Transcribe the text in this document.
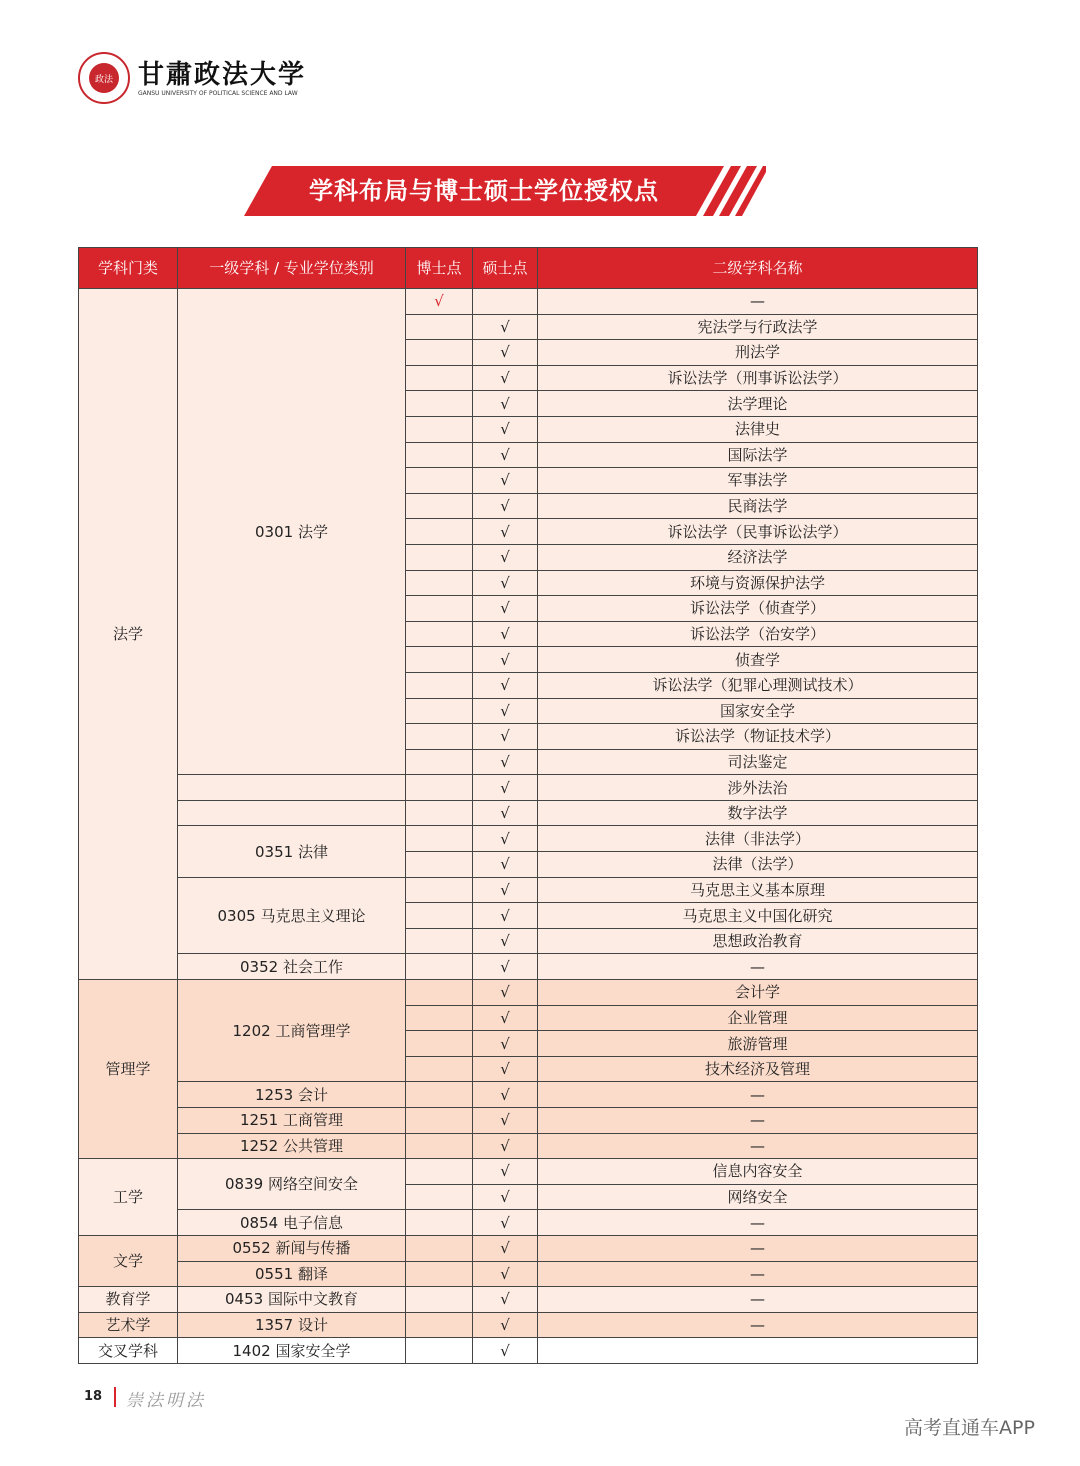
政法 甘肅政法大学
GANSU UNIVERSITY OF POLITICAL SCIENCE AND LAW
学科布局与博士硕士学位授权点
学科门类	一级学科 / 专业学位类别	博士点	硕士点	二级学科名称
法学	0301 法学	√		—
			√	宪法学与行政法学
			√	刑法学
			√	诉讼法学（刑事诉讼法学）
			√	法学理论
			√	法律史
			√	国际法学
			√	军事法学
			√	民商法学
			√	诉讼法学（民事诉讼法学）
			√	经济法学
			√	环境与资源保护法学
			√	诉讼法学（侦查学）
			√	诉讼法学（治安学）
			√	侦查学
			√	诉讼法学（犯罪心理测试技术）
			√	国家安全学
			√	诉讼法学（物证技术学）
			√	司法鉴定
			√	涉外法治
			√	数字法学
	0351 法律		√	法律（非法学）
			√	法律（法学）
	0305 马克思主义理论		√	马克思主义基本原理
			√	马克思主义中国化研究
			√	思想政治教育
	0352 社会工作		√	—
管理学	1202 工商管理学		√	会计学
			√	企业管理
			√	旅游管理
			√	技术经济及管理
	1253 会计		√	—
	1251 工商管理		√	—
	1252 公共管理		√	—
工学	0839 网络空间安全		√	信息内容安全
			√	网络安全
	0854 电子信息		√	—
文学	0552 新闻与传播		√	—
	0551 翻译		√	—
教育学	0453 国际中文教育		√	—
艺术学	1357 设计		√	—
交叉学科	1402 国家安全学		√	
18 崇法明法
高考直通车APP
